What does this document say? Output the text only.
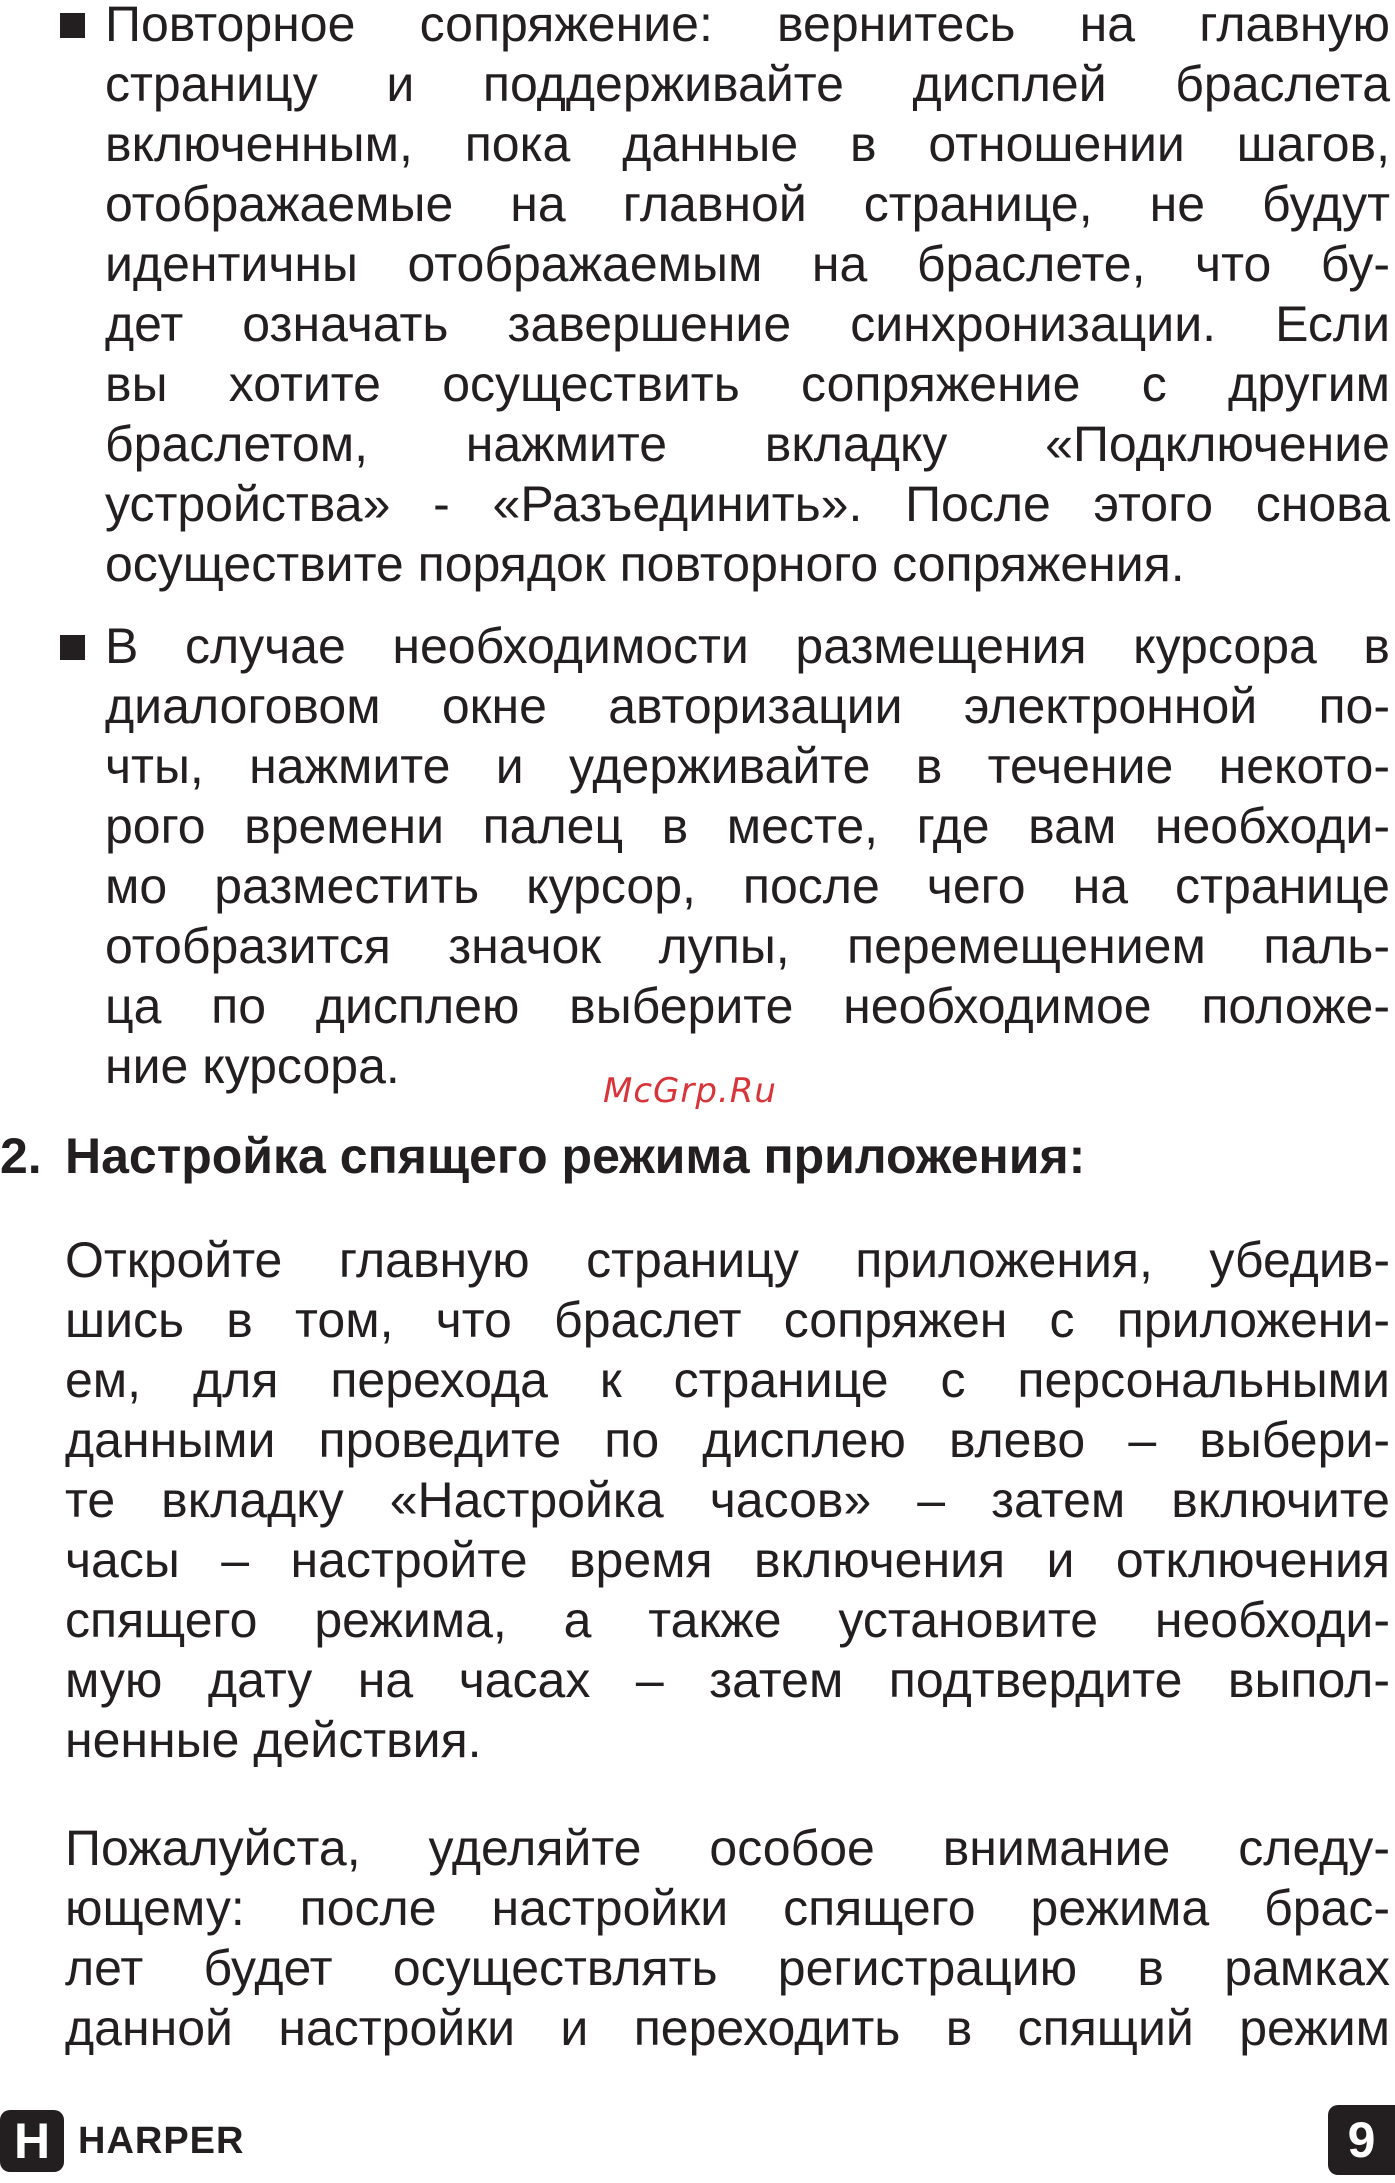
Повторное сопряжение: вернитесь на главную
страницу и поддерживайте дисплей браслета
включенным, пока данные в отношении шагов,
отображаемые на главной странице, не будут
идентичны отображаемым на браслете, что бу-
дет означать завершение синхронизации. Если
вы хотите осуществить сопряжение с другим
браслетом, нажмите вкладку «Подключение
устройства» - «Разъединить». После этого снова
осуществите порядок повторного сопряжения.
В случае необходимости размещения курсора в
диалоговом окне авторизации электронной по-
чты, нажмите и удерживайте в течение некото-
рого времени палец в месте, где вам необходи-
мо разместить курсор, после чего на странице
отобразится значок лупы, перемещением паль-
ца по дисплею выберите необходимое положе-
ние курсора.	McGrp.Ru
2. Настройка спящего режима приложения:
Откройте главную страницу приложения, убедив-
шись в том, что браслет сопряжен с приложени-
ем, для перехода к странице с персональными
данными проведите по дисплею влево – выбери-
те вкладку «Настройка часов» – затем включите
часы – настройте время включения и отключения
спящего режима, а также установите необходи-
мую дату на часах – затем подтвердите выпол-
ненные действия.
Пожалуйста, уделяйте особое внимание следу-
ющему: после настройки спящего режима брас-
лет будет осуществлять регистрацию в рамках
данной настройки и переходить в спящий режим
H HARPER	9
